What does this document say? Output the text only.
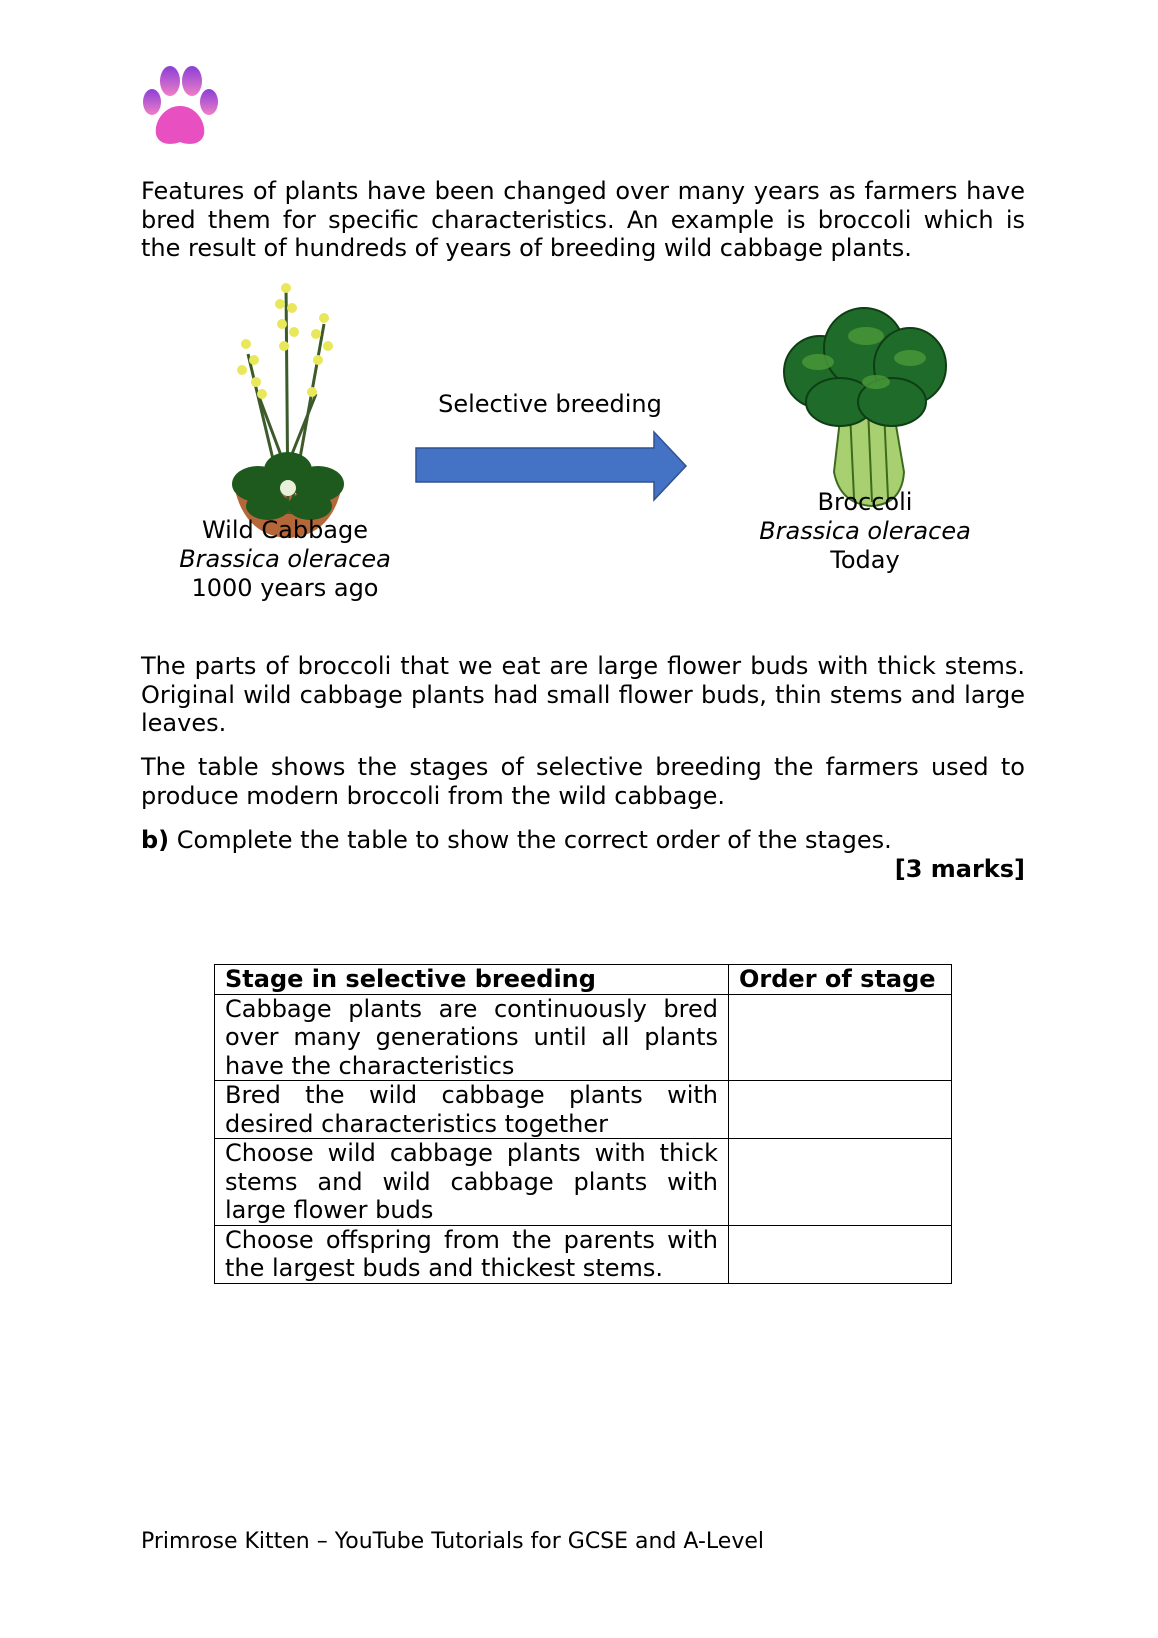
Features of plants have been changed over many years as farmers have bred them for specific characteristics. An example is broccoli which is the result of hundreds of years of breeding wild cabbage plants.

Selective breeding
Wild Cabbage
Brassica oleracea
1000 years ago
Broccoli
Brassica oleracea
Today

The parts of broccoli that we eat are large flower buds with thick stems. Original wild cabbage plants had small flower buds, thin stems and large leaves.

The table shows the stages of selective breeding the farmers used to produce modern broccoli from the wild cabbage.

b) Complete the table to show the correct order of the stages.

[3 marks]
Stage in selective breeding	Order of stage
Cabbage plants are continuously bred over many generations until all plants have the characteristics	
Bred the wild cabbage plants with desired characteristics together	
Choose wild cabbage plants with thick stems and wild cabbage plants with large flower buds	
Choose offspring from the parents with the largest buds and thickest stems.	
Primrose Kitten – YouTube Tutorials for GCSE and A-Level
